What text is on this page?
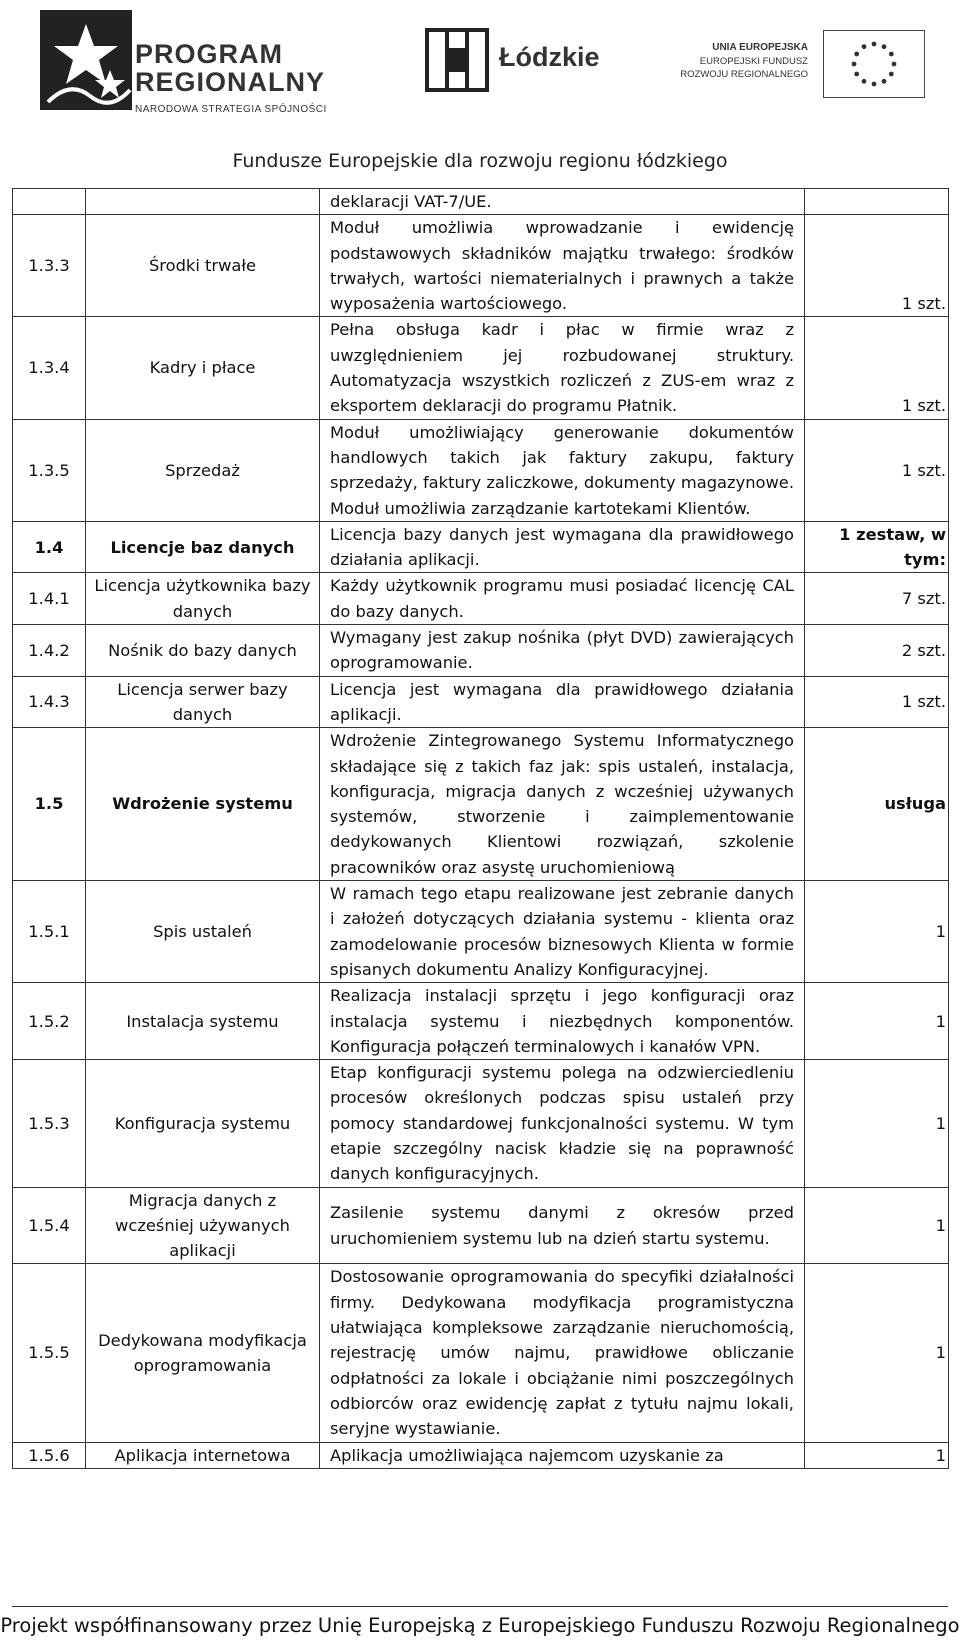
PROGRAM
REGIONALNY
NARODOWA STRATEGIA SPÓJNOŚCI
Łódzkie	UNIA EUROPEJSKA
EUROPEJSKI FUNDUSZ
ROZWOJU REGIONALNEGO
Fundusze Europejskie dla rozwoju regionu łódzkiego
		deklaracji VAT-7/UE.	
1.3.3	Środki trwałe	Moduł umożliwia wprowadzanie i ewidencję podstawowych składników majątku trwałego: środków trwałych, wartości niematerialnych i prawnych a także wyposażenia wartościowego.	1 szt.
1.3.4	Kadry i płace	Pełna obsługa kadr i płac w firmie wraz z uwzględnieniem jej rozbudowanej struktury. Automatyzacja wszystkich rozliczeń z ZUS-em wraz z eksportem deklaracji do programu Płatnik.	1 szt.
1.3.5	Sprzedaż	Moduł umożliwiający generowanie dokumentów handlowych takich jak faktury zakupu, faktury sprzedaży, faktury zaliczkowe, dokumenty magazynowe. Moduł umożliwia zarządzanie kartotekami Klientów.	1 szt.
1.4	Licencje baz danych	Licencja bazy danych jest wymagana dla prawidłowego działania aplikacji.	1 zestaw, w tym:
1.4.1	Licencja użytkownika bazy danych	Każdy użytkownik programu musi posiadać licencję CAL do bazy danych.	7 szt.
1.4.2	Nośnik do bazy danych	Wymagany jest zakup nośnika (płyt DVD) zawierających oprogramowanie.	2 szt.
1.4.3	Licencja serwer bazy danych	Licencja jest wymagana dla prawidłowego działania aplikacji.	1 szt.
1.5	Wdrożenie systemu	Wdrożenie Zintegrowanego Systemu Informatycznego składające się z takich faz jak: spis ustaleń, instalacja, konfiguracja, migracja danych z wcześniej używanych systemów, stworzenie i zaimplementowanie dedykowanych Klientowi rozwiązań, szkolenie pracowników oraz asystę uruchomieniową	usługa
1.5.1	Spis ustaleń	W ramach tego etapu realizowane jest zebranie danych i założeń dotyczących działania systemu - klienta oraz zamodelowanie procesów biznesowych Klienta w formie spisanych dokumentu Analizy Konfiguracyjnej.	1
1.5.2	Instalacja systemu	Realizacja instalacji sprzętu i jego konfiguracji oraz instalacja systemu i niezbędnych komponentów. Konfiguracja połączeń terminalowych i kanałów VPN.	1
1.5.3	Konfiguracja systemu	Etap konfiguracji systemu polega na odzwierciedleniu procesów określonych podczas spisu ustaleń przy pomocy standardowej funkcjonalności systemu. W tym etapie szczególny nacisk kładzie się na poprawność danych konfiguracyjnych.	1
1.5.4	Migracja danych z wcześniej używanych aplikacji	Zasilenie systemu danymi z okresów przed uruchomieniem systemu lub na dzień startu systemu.	1
1.5.5	Dedykowana modyfikacja oprogramowania	Dostosowanie oprogramowania do specyfiki działalności firmy. Dedykowana modyfikacja programistyczna ułatwiająca kompleksowe zarządzanie nieruchomością, rejestrację umów najmu, prawidłowe obliczanie odpłatności za lokale i obciążanie nimi poszczególnych odbiorców oraz ewidencję zapłat z tytułu najmu lokali, seryjne wystawianie.	1
1.5.6	Aplikacja internetowa	Aplikacja umożliwiająca najemcom uzyskanie za	1
Projekt współfinansowany przez Unię Europejską z Europejskiego Funduszu Rozwoju Regionalnego
